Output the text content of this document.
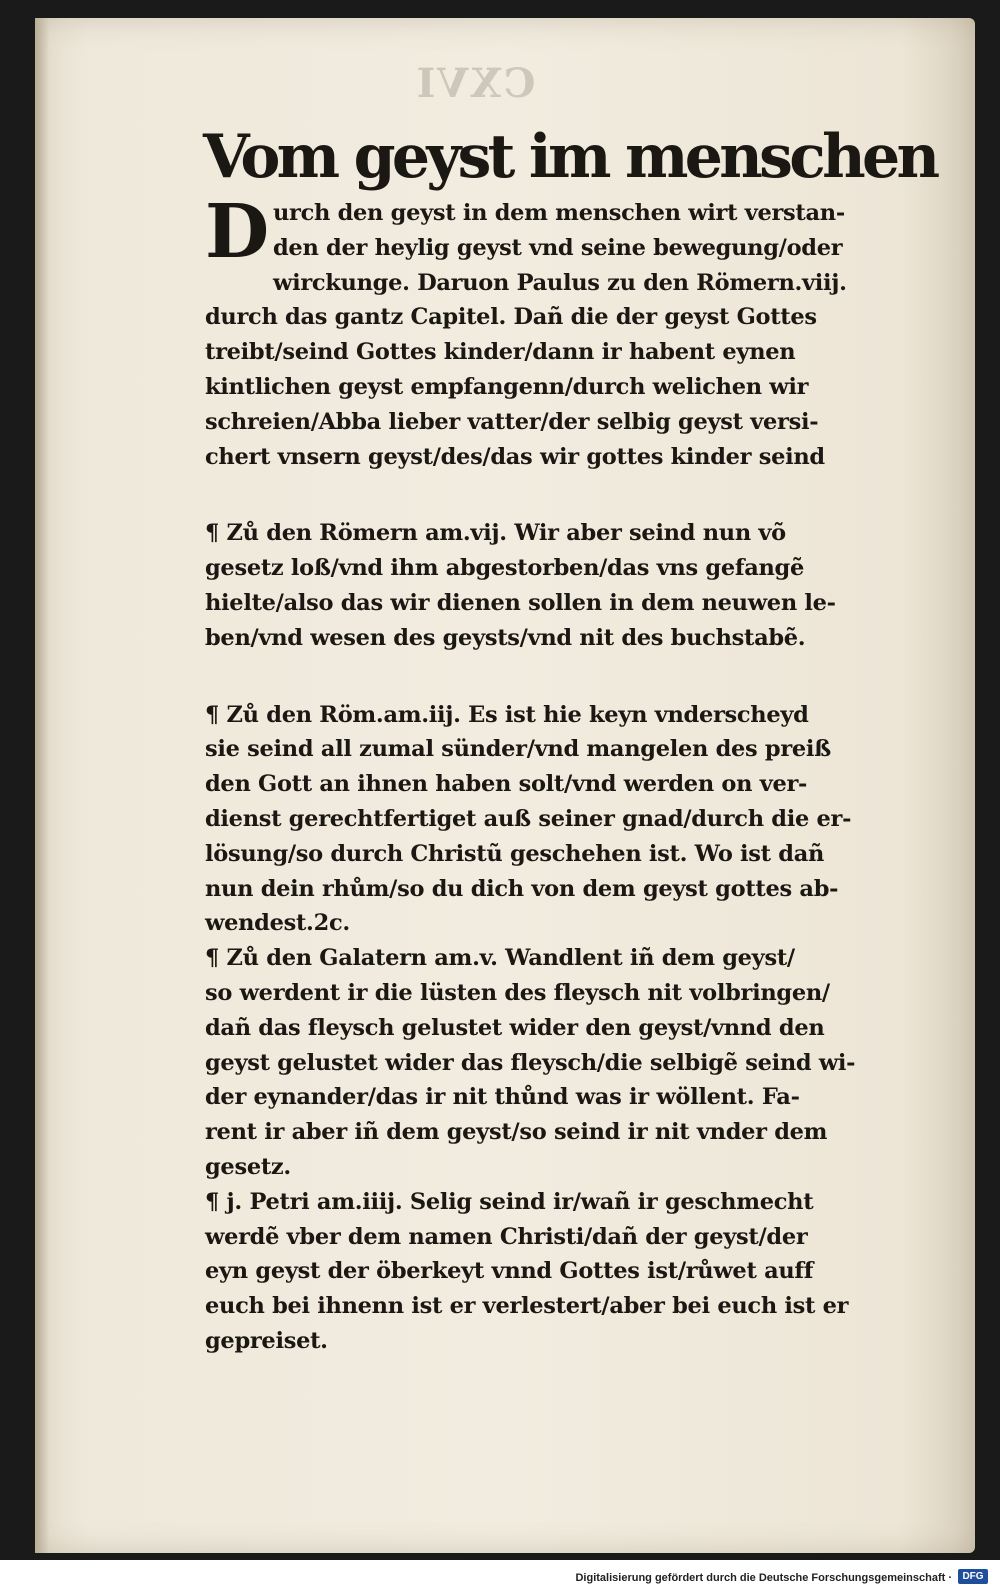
CXVI
Vom geyst im menschen
D urch den geyst in dem menschen wirt verstan-
den der heylig geyst vnd seine bewegung/oder
wirckunge. Daruon Paulus zu den Römern.viij.
durch das gantz Capitel. Dañ die der geyst Gottes
treibt/seind Gottes kinder/dann ir habent eynen
kintlichen geyst empfangenn/durch welichen wir
schreien/Abba lieber vatter/der selbig geyst versi-
chert vnsern geyst/des/das wir gottes kinder seind
¶ Zů den Römern am.vij. Wir aber seind nun võ
gesetz loß/vnd ihm abgestorben/das vns gefangẽ
hielte/also das wir dienen sollen in dem neuwen le-
ben/vnd wesen des geysts/vnd nit des buchstabẽ.
¶ Zů den Röm.am.iij. Es ist hie keyn vnderscheyd
sie seind all zumal sünder/vnd mangelen des preiß
den Gott an ihnen haben solt/vnd werden on ver-
dienst gerechtfertiget auß seiner gnad/durch die er-
lösung/so durch Christũ geschehen ist. Wo ist dañ
nun dein rhům/so du dich von dem geyst gottes ab-
wendest.2c.
¶ Zů den Galatern am.v. Wandlent iñ dem geyst/
so werdent ir die lüsten des fleysch nit volbringen/
dañ das fleysch gelustet wider den geyst/vnnd den
geyst gelustet wider das fleysch/die selbigẽ seind wi-
der eynander/das ir nit thůnd was ir wöllent. Fa-
rent ir aber iñ dem geyst/so seind ir nit vnder dem
gesetz.
¶ j. Petri am.iiij. Selig seind ir/wañ ir geschmecht
werdẽ vber dem namen Christi/dañ der geyst/der
eyn geyst der öberkeyt vnnd Gottes ist/růwet auff
euch bei ihnenn ist er verlestert/aber bei euch ist er
gepreiset.
Digitalisierung gefördert durch die Deutsche Forschungsgemeinschaft ·	DFG
